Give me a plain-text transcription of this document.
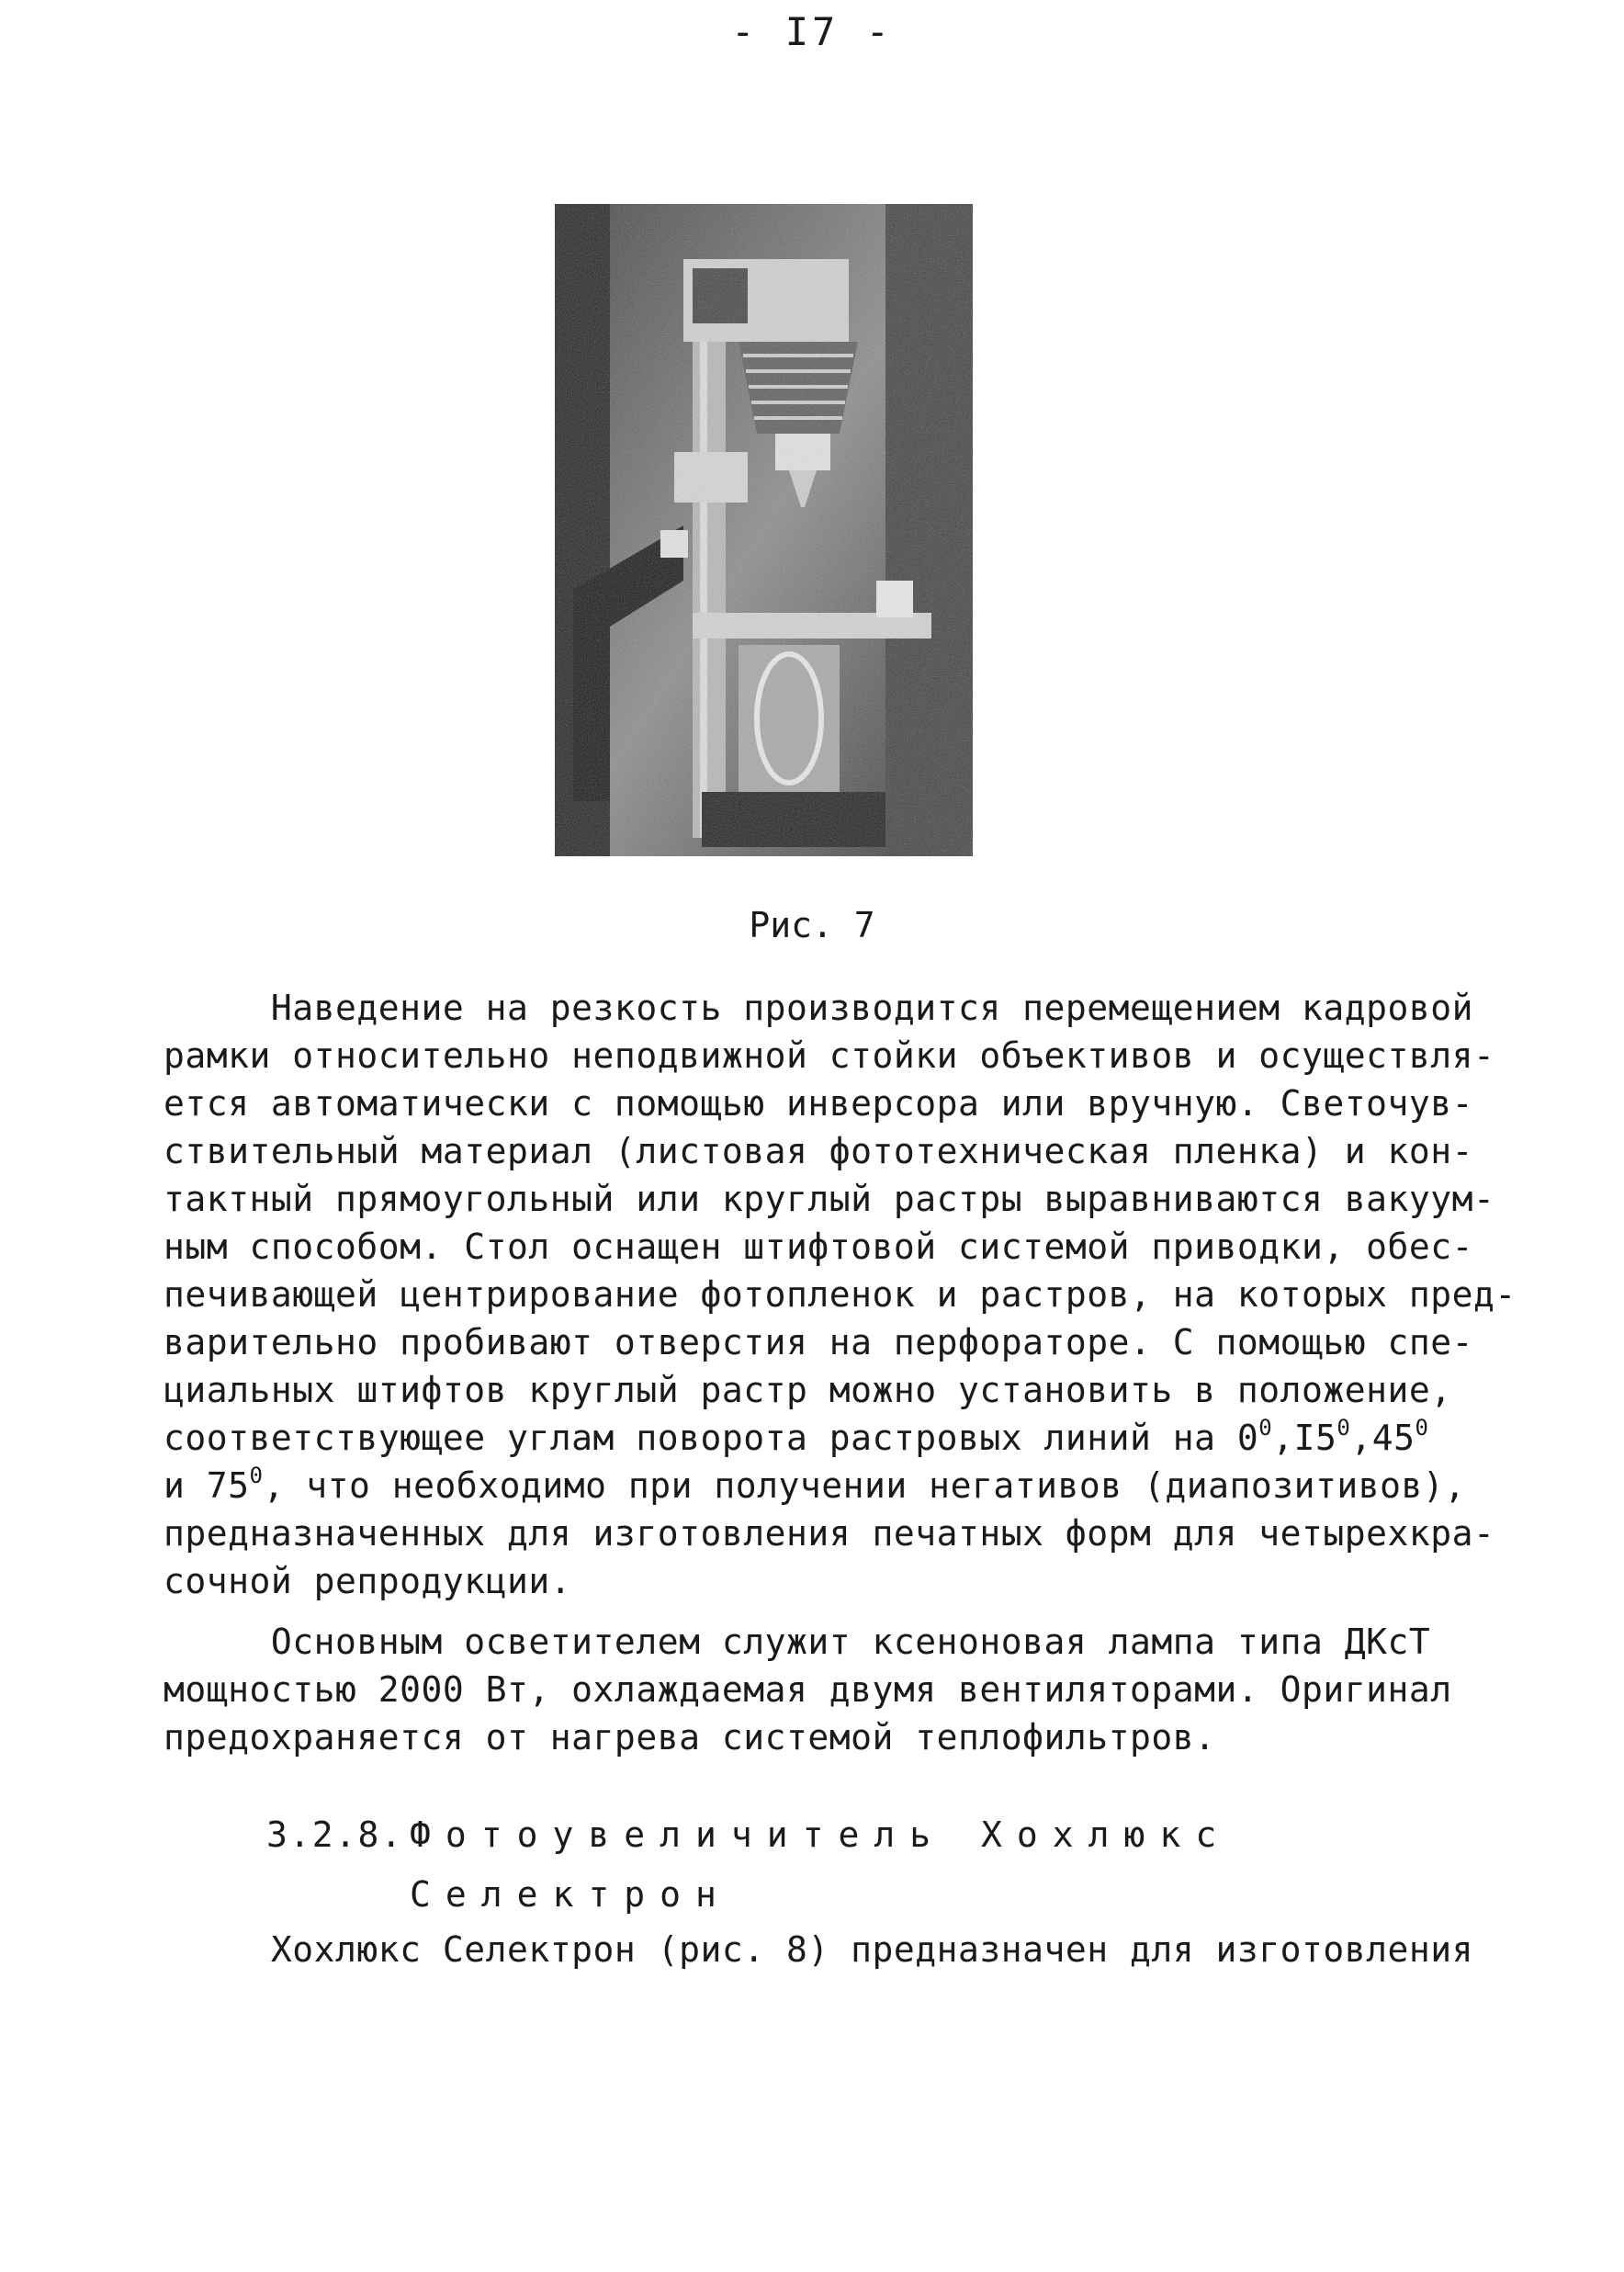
- I7 -
Рис. 7
Наведение на резкость производится перемещением кадровой
рамки относительно неподвижной стойки объективов и осуществля-
ется автоматически с помощью инверсора или вручную. Светочув-
ствительный материал (листовая фототехническая пленка) и кон-
тактный прямоугольный или круглый растры выравниваются вакуум-
ным способом. Стол оснащен штифтовой системой приводки, обес-
печивающей центрирование фотопленок и растров, на которых пред-
варительно пробивают отверстия на перфораторе. С помощью спе-
циальных штифтов круглый растр можно установить в положение,
соответствующее углам поворота растровых линий на $0^0,I5^0,45^0$
и $75^0$, что необходимо при получении негативов (диапозитивов),
предназначенных для изготовления печатных форм для четырехкра-
сочной репродукции.
Основным осветителем служит ксеноновая лампа типа ДКсТ
мощностью 2000 Вт, охлаждаемая двумя вентиляторами. Оригинал
предохраняется от нагрева системой теплофильтров.
3.2.8. Фотоувеличитель Хохлюкс
Селектрон
Хохлюкс Селектрон (рис. 8) предназначен для изготовления
